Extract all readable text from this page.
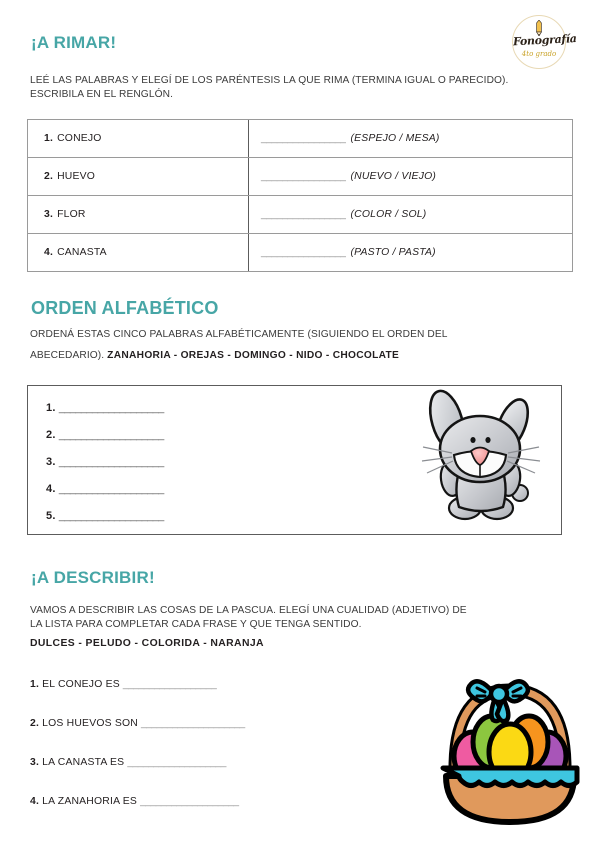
Fonografía
4to grado
¡A RIMAR!
LEÉ LAS PALABRAS Y ELEGÍ DE LOS PARÉNTESIS LA QUE RIMA (TERMINA IGUAL O PARECIDO).
ESCRIBILA EN EL RENGLÓN.
1. CONEJO	________________ (ESPEJO / MESA)
2. HUEVO	________________ (NUEVO / VIEJO)
3. FLOR	________________ (COLOR / SOL)
4. CANASTA	________________ (PASTO / PASTA)
ORDEN ALFABÉTICO
ORDENÁ ESTAS CINCO PALABRAS ALFABÉTICAMENTE (SIGUIENDO EL ORDEN DEL
ABECEDARIO). ZANAHORIA - OREJAS - DOMINGO - NIDO - CHOCOLATE
1. ___________________
2. ___________________
3. ___________________
4. ___________________
5. ___________________
¡A DESCRIBIR!
VAMOS A DESCRIBIR LAS COSAS DE LA PASCUA. ELEGÍ UNA CUALIDAD (ADJETIVO) DE
LA LISTA PARA COMPLETAR CADA FRASE Y QUE TENGA SENTIDO.
DULCES - PELUDO - COLORIDA - NARANJA
1. EL CONEJO ES __________________
2. LOS HUEVOS SON ____________________
3. LA CANASTA ES ___________________
4. LA ZANAHORIA ES ___________________
